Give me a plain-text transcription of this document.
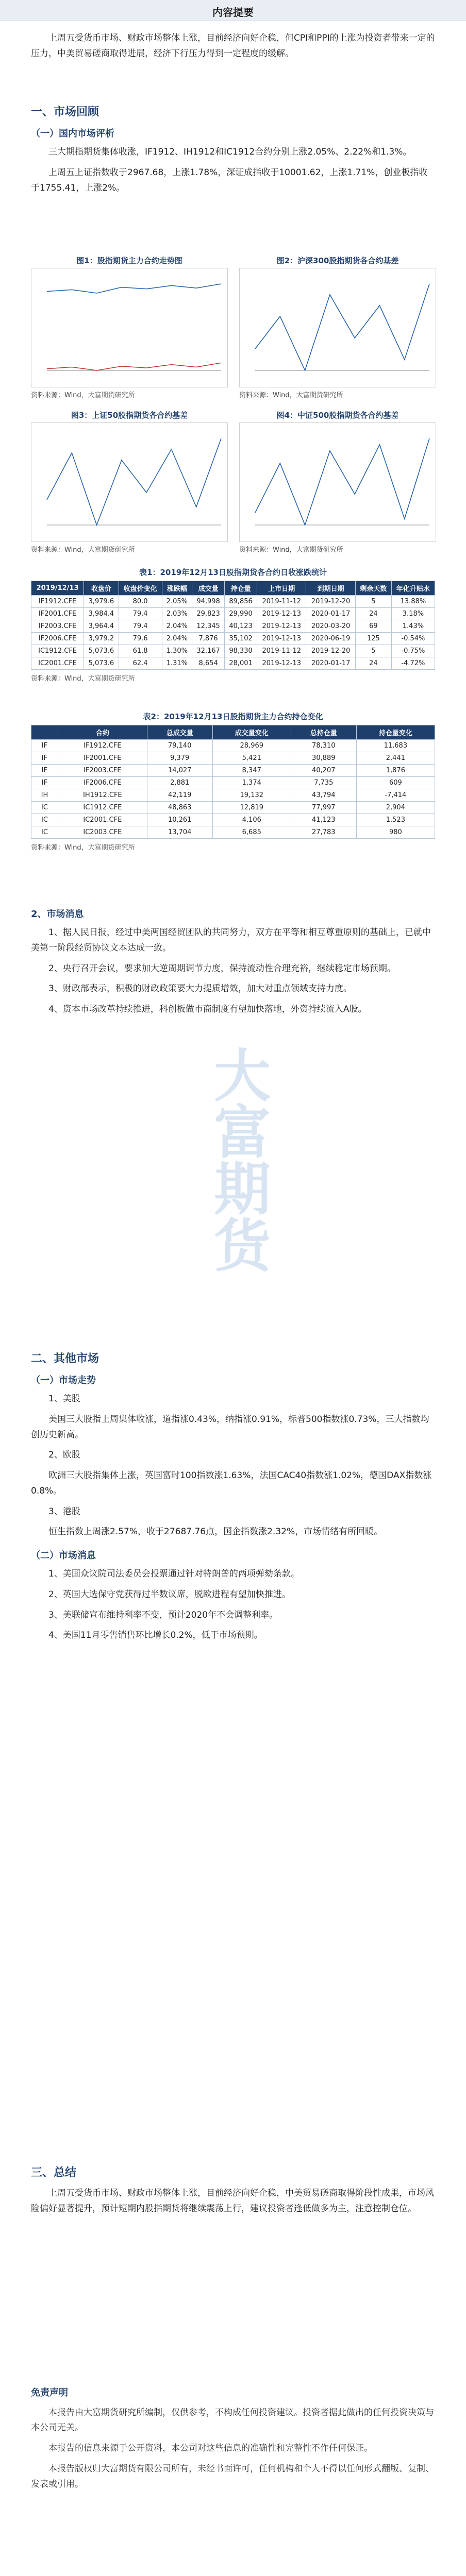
内容提要

上周五受货币市场、财政市场整体上涨，目前经济向好企稳，但CPI和PPI的上涨为投资者带来一定的压力，中美贸易磋商取得进展，经济下行压力得到一定程度的缓解。

一、市场回顾
（一）国内市场评析

三大期指期货集体收涨，IF1912、IH1912和IC1912合约分别上涨2.05%、2.22%和1.3%。

上周五上证指数收于2967.68，上涨1.78%，深证成指收于10001.62，上涨1.71%，创业板指收于1755.41，上涨2%。

图1：股指期货主力合约走势图	图2：沪深300股指期货各合约基差
资料来源：Wind，大富期货研究所	资料来源：Wind，大富期货研究所
图3：上证50股指期货各合约基差	图4：中证500股指期货各合约基差
资料来源：Wind，大富期货研究所	资料来源：Wind，大富期货研究所
表1：2019年12月13日股指期货各合约日收涨跌统计
2019/12/13	收盘价	收盘价变化	涨跌幅	成交量	持仓量	上市日期	到期日期	剩余天数	年化升贴水
IF1912.CFE	3,979.6	80.0	2.05%	94,998	89,856	2019-11-12	2019-12-20	5	13.88%
IF2001.CFE	3,984.4	79.4	2.03%	29,823	29,990	2019-12-13	2020-01-17	24	3.18%
IF2003.CFE	3,964.4	79.4	2.04%	12,345	40,123	2019-12-13	2020-03-20	69	1.43%
IF2006.CFE	3,979.2	79.6	2.04%	7,876	35,102	2019-12-13	2020-06-19	125	-0.54%
IC1912.CFE	5,073.6	61.8	1.30%	32,167	98,330	2019-11-12	2019-12-20	5	-0.75%
IC2001.CFE	5,073.6	62.4	1.31%	8,654	28,001	2019-12-13	2020-01-17	24	-4.72%
资料来源：Wind，大富期货研究所
表2：2019年12月13日股指期货主力合约持仓变化
	合约	总成交量	成交量变化	总持仓量	持仓量变化
IF	IF1912.CFE	79,140	28,969	78,310	11,683
IF	IF2001.CFE	9,379	5,421	30,889	2,441
IF	IF2003.CFE	14,027	8,347	40,207	1,876
IF	IF2006.CFE	2,881	1,374	7,735	609
IH	IH1912.CFE	42,119	19,132	43,794	-7,414
IC	IC1912.CFE	48,863	12,819	77,997	2,904
IC	IC2001.CFE	10,261	4,106	41,123	1,523
IC	IC2003.CFE	13,704	6,685	27,783	980
资料来源：Wind，大富期货研究所
大富期货
2、市场消息

1、据人民日报，经过中美两国经贸团队的共同努力，双方在平等和相互尊重原则的基础上，已就中美第一阶段经贸协议文本达成一致。

2、央行召开会议，要求加大逆周期调节力度，保持流动性合理充裕，继续稳定市场预期。

3、财政部表示，积极的财政政策要大力提质增效，加大对重点领域支持力度。

4、资本市场改革持续推进，科创板做市商制度有望加快落地，外资持续流入A股。

二、其他市场
（一）市场走势

1、美股

美国三大股指上周集体收涨，道指涨0.43%，纳指涨0.91%，标普500指数涨0.73%，三大指数均创历史新高。

2、欧股

欧洲三大股指集体上涨，英国富时100指数涨1.63%，法国CAC40指数涨1.02%，德国DAX指数涨0.8%。

3、港股

恒生指数上周涨2.57%，收于27687.76点，国企指数涨2.32%，市场情绪有所回暖。

（二）市场消息

1、美国众议院司法委员会投票通过针对特朗普的两项弹劾条款。

2、英国大选保守党获得过半数议席，脱欧进程有望加快推进。

3、美联储宣布维持利率不变，预计2020年不会调整利率。

4、美国11月零售销售环比增长0.2%，低于市场预期。

三、总结

上周五受货币市场、财政市场整体上涨，目前经济向好企稳，中美贸易磋商取得阶段性成果，市场风险偏好显著提升，预计短期内股指期货将继续震荡上行，建议投资者逢低做多为主，注意控制仓位。

免责声明

本报告由大富期货研究所编制，仅供参考，不构成任何投资建议。投资者据此做出的任何投资决策与本公司无关。

本报告的信息来源于公开资料，本公司对这些信息的准确性和完整性不作任何保证。

本报告版权归大富期货有限公司所有，未经书面许可，任何机构和个人不得以任何形式翻版、复制、发表或引用。
